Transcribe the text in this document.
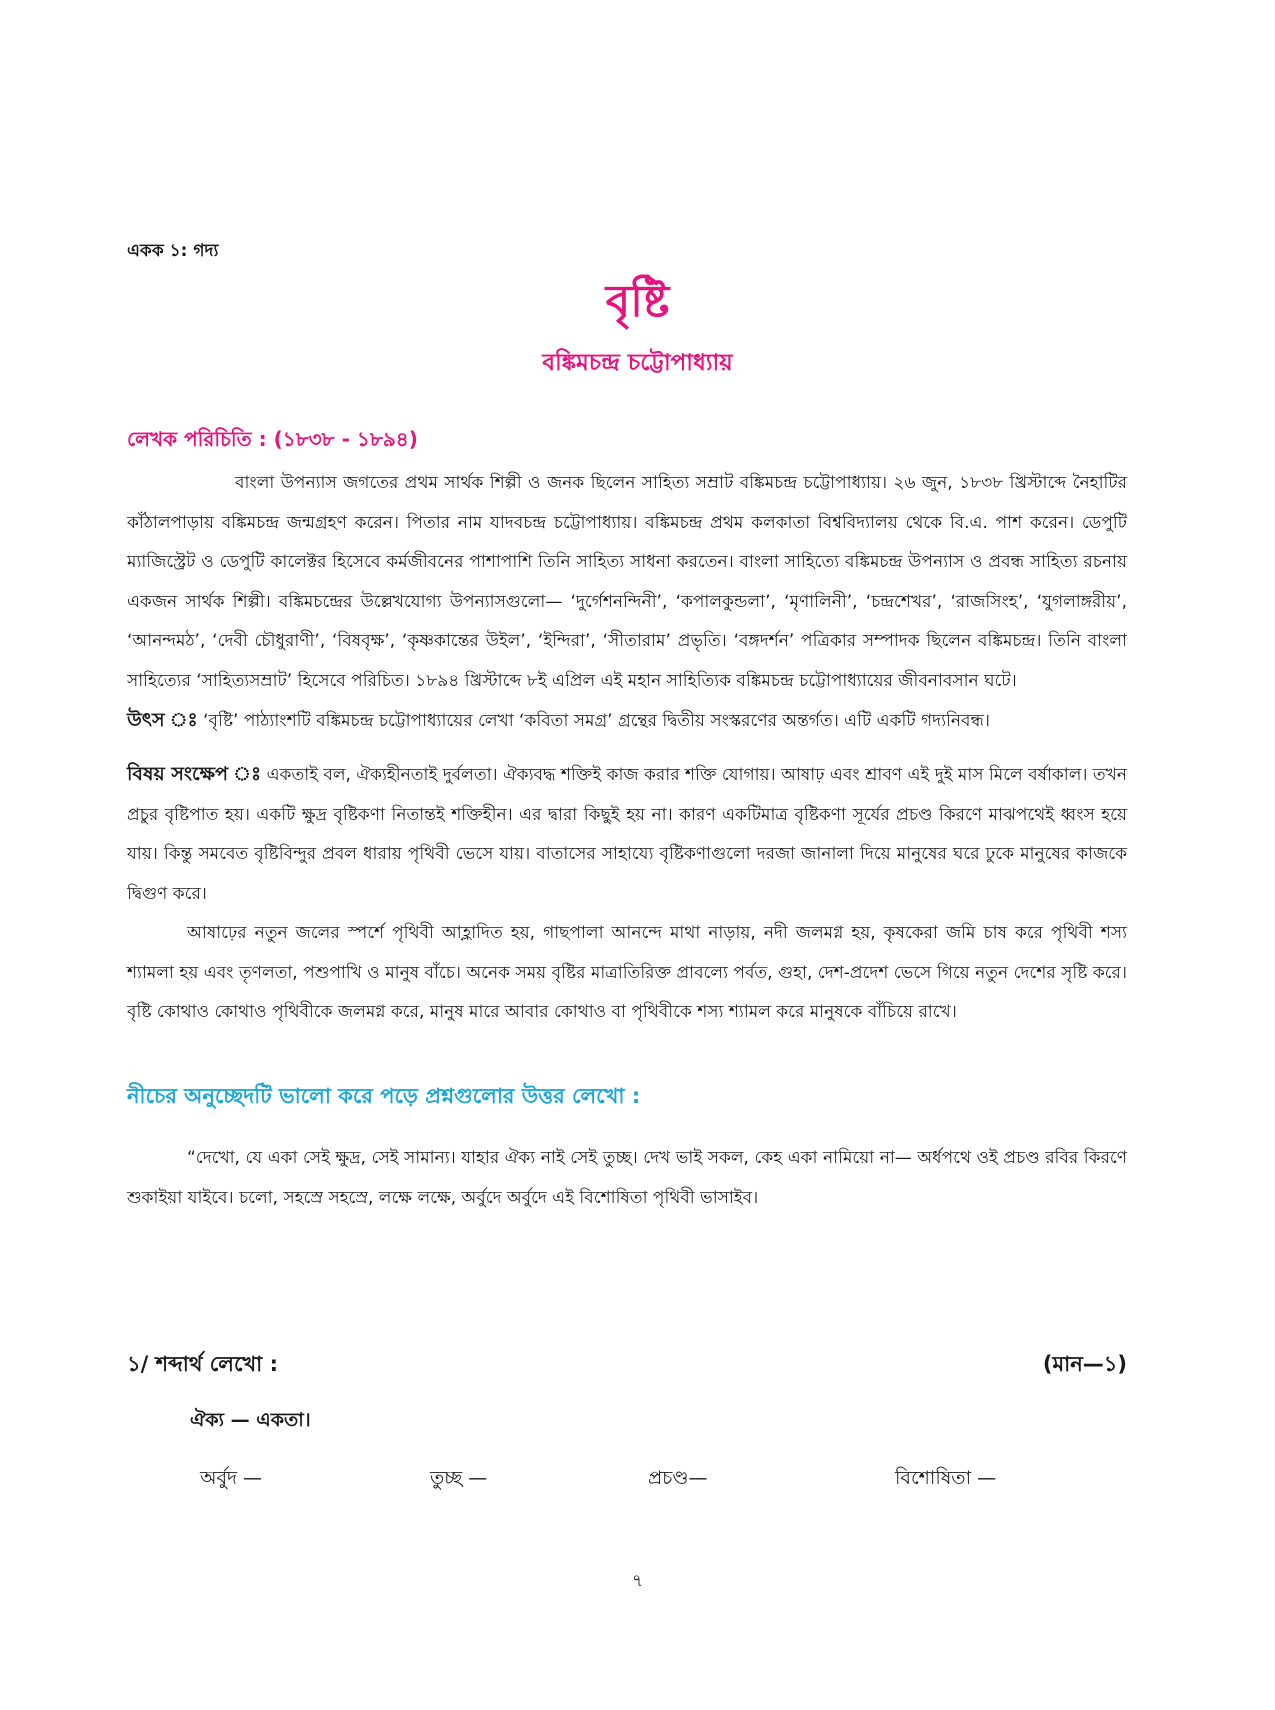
একক ১: গদ্য
বৃষ্টি
বঙ্কিমচন্দ্র চট্টোপাধ্যায়
লেখক পরিচিতি : (১৮৩৮ - ১৮৯৪)

বাংলা উপন্যাস জগতের প্রথম সার্থক শিল্পী ও জনক ছিলেন সাহিত্য সম্রাট বঙ্কিমচন্দ্র চট্টোপাধ্যায়। ২৬ জুন, ১৮৩৮ খ্রিস্টাব্দে নৈহাটির কাঁঠালপাড়ায় বঙ্কিমচন্দ্র জন্মগ্রহণ করেন। পিতার নাম যাদবচন্দ্র চট্টোপাধ্যায়। বঙ্কিমচন্দ্র প্রথম কলকাতা বিশ্ববিদ্যালয় থেকে বি.এ. পাশ করেন। ডেপুটি ম্যাজিস্ট্রেট ও ডেপুটি কালেক্টর হিসেবে কর্মজীবনের পাশাপাশি তিনি সাহিত্য সাধনা করতেন। বাংলা সাহিত্যে বঙ্কিমচন্দ্র উপন্যাস ও প্রবন্ধ সাহিত্য রচনায় একজন সার্থক শিল্পী। বঙ্কিমচন্দ্রের উল্লেখযোগ্য উপন্যাসগুলো— ‘দুর্গেশনন্দিনী’, ‘কপালকুন্ডলা’, ‘মৃণালিনী’, ‘চন্দ্রশেখর’, ‘রাজসিংহ’, ‘যুগলাঙ্গরীয়’, ‘আনন্দমঠ’, ‘দেবী চৌধুরাণী’, ‘বিষবৃক্ষ’, ‘কৃষ্ণকান্তের উইল’, ‘ইন্দিরা’, ‘সীতারাম’ প্রভৃতি। ‘বঙ্গদর্শন’ পত্রিকার সম্পাদক ছিলেন বঙ্কিমচন্দ্র। তিনি বাংলা সাহিত্যের ‘সাহিত্যসম্রাট’ হিসেবে পরিচিত। ১৮৯৪ খ্রিস্টাব্দে ৮ই এপ্রিল এই মহান সাহিত্যিক বঙ্কিমচন্দ্র চট্টোপাধ্যায়ের জীবনাবসান ঘটে।

উৎস ঃ ‘বৃষ্টি’ পাঠ্যাংশটি বঙ্কিমচন্দ্র চট্টোপাধ্যায়ের লেখা ‘কবিতা সমগ্র’ গ্রন্থের দ্বিতীয় সংস্করণের অন্তর্গত। এটি একটি গদ্যনিবন্ধ।

বিষয় সংক্ষেপ ঃ একতাই বল, ঐক্যহীনতাই দুর্বলতা। ঐক্যবদ্ধ শক্তিই কাজ করার শক্তি যোগায়। আষাঢ় এবং শ্রাবণ এই দুই মাস মিলে বর্ষাকাল। তখন প্রচুর বৃষ্টিপাত হয়। একটি ক্ষুদ্র বৃষ্টিকণা নিতান্তই শক্তিহীন। এর দ্বারা কিছুই হয় না। কারণ একটিমাত্র বৃষ্টিকণা সূর্যের প্রচণ্ড কিরণে মাঝপথেই ধ্বংস হয়ে যায়। কিন্তু সমবেত বৃষ্টিবিন্দুর প্রবল ধারায় পৃথিবী ভেসে যায়। বাতাসের সাহায্যে বৃষ্টিকণাগুলো দরজা জানালা দিয়ে মানুষের ঘরে ঢুকে মানুষের কাজকে দ্বিগুণ করে।

আষাঢ়ের নতুন জলের স্পর্শে পৃথিবী আহ্লাদিত হয়, গাছপালা আনন্দে মাথা নাড়ায়, নদী জলমগ্ন হয়, কৃষকেরা জমি চাষ করে পৃথিবী শস্য শ্যামলা হয় এবং তৃণলতা, পশুপাখি ও মানুষ বাঁচে। অনেক সময় বৃষ্টির মাত্রাতিরিক্ত প্রাবল্যে পর্বত, গুহা, দেশ-প্রদেশ ভেসে গিয়ে নতুন দেশের সৃষ্টি করে। বৃষ্টি কোথাও কোথাও পৃথিবীকে জলমগ্ন করে, মানুষ মারে আবার কোথাও বা পৃথিবীকে শস্য শ্যামল করে মানুষকে বাঁচিয়ে রাখে।

নীচের অনুচ্ছেদটি ভালো করে পড়ে প্রশ্নগুলোর উত্তর লেখো :

“দেখো, যে একা সেই ক্ষুদ্র, সেই সামান্য। যাহার ঐক্য নাই সেই তুচ্ছ। দেখ ভাই সকল, কেহ একা নামিয়ো না— অর্ধপথে ওই প্রচণ্ড রবির কিরণে শুকাইয়া যাইবে। চলো, সহস্রে সহস্রে, লক্ষে লক্ষে, অর্বুদে অর্বুদে এই বিশোষিতা পৃথিবী ভাসাইব।

১/ শব্দার্থ লেখো :	(মান—১)
ঐক্য — একতা।
অর্বুদ —	তুচ্ছ —	প্রচণ্ড—	বিশোষিতা —
৭
